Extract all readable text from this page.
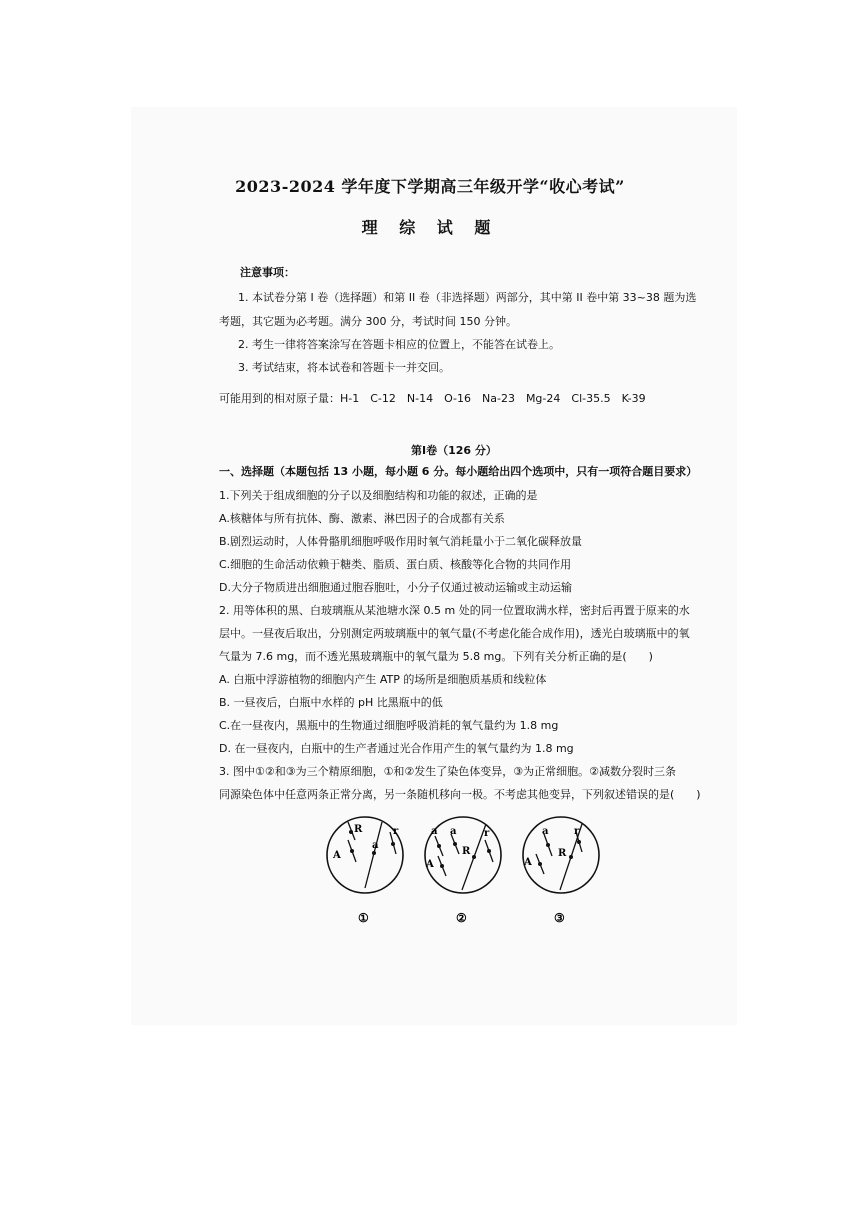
2023-2024 学年度下学期高三年级开学“收心考试”
理 综 试 题
注意事项：
1. 本试卷分第 I 卷（选择题）和第 II 卷（非选择题）两部分，其中第 II 卷中第 33~38 题为选
考题，其它题为必考题。满分 300 分，考试时间 150 分钟。
2. 考生一律将答案涂写在答题卡相应的位置上，不能答在试卷上。
3. 考试结束，将本试卷和答题卡一并交回。
可能用到的相对原子量：H-1　C-12　N-14　O-16　Na-23　Mg-24　Cl-35.5　K-39
第Ⅰ卷（126 分）
一、选择题（本题包括 13 小题，每小题 6 分。每小题给出四个选项中，只有一项符合题目要求）
1.下列关于组成细胞的分子以及细胞结构和功能的叙述，正确的是
A.核糖体与所有抗体、酶、激素、淋巴因子的合成都有关系
B.剧烈运动时，人体骨骼肌细胞呼吸作用时氧气消耗量小于二氧化碳释放量
C.细胞的生命活动依赖于糖类、脂质、蛋白质、核酸等化合物的共同作用
D.大分子物质进出细胞通过胞吞胞吐，小分子仅通过被动运输或主动运输
2. 用等体积的黑、白玻璃瓶从某池塘水深 0.5 m 处的同一位置取满水样，密封后再置于原来的水
层中。一昼夜后取出，分别测定两玻璃瓶中的氧气量(不考虑化能合成作用)，透光白玻璃瓶中的氧
气量为 7.6 mg，而不透光黑玻璃瓶中的氧气量为 5.8 mg。下列有关分析正确的是(　　)
A. 白瓶中浮游植物的细胞内产生 ATP 的场所是细胞质基质和线粒体
B. 一昼夜后，白瓶中水样的 pH 比黑瓶中的低
C.在一昼夜内，黑瓶中的生物通过细胞呼吸消耗的氧气量约为 1.8 mg
D. 在一昼夜内，白瓶中的生产者通过光合作用产生的氧气量约为 1.8 mg
3. 图中①②和③为三个精原细胞，①和②发生了染色体变异，③为正常细胞。②减数分裂时三条
同源染色体中任意两条正常分离，另一条随机移向一极。不考虑其他变异，下列叙述错误的是(　　)
R
A
a
r
①
a a	r
A
R
②
a	r
A
R
③
